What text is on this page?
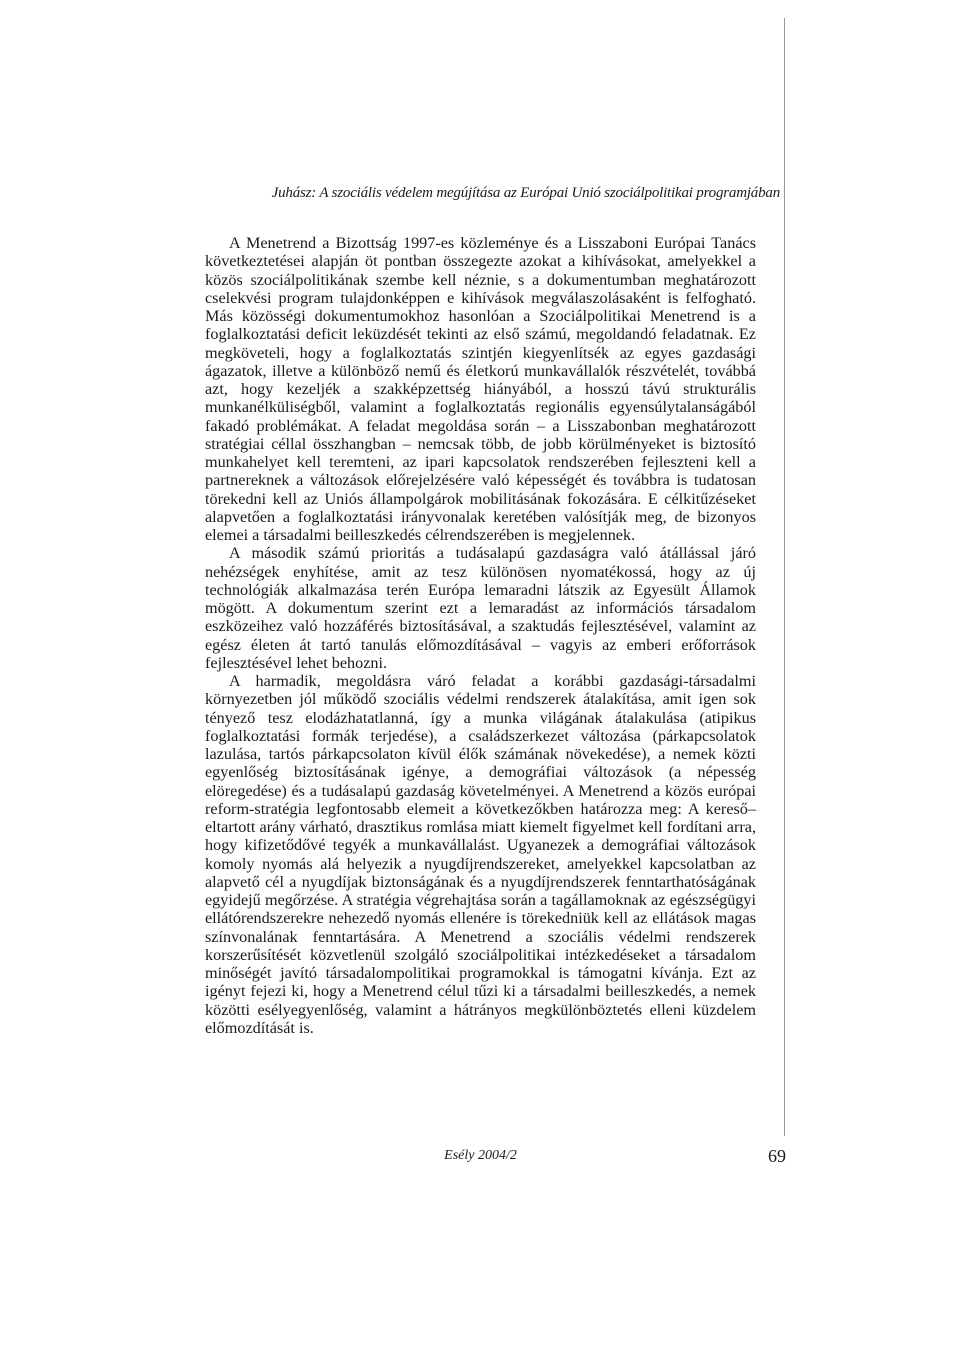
Juhász: A szociális védelem megújítása az Európai Unió szociálpolitikai programjában

A Menetrend a Bizottság 1997-es közleménye és a Lisszaboni Európai Tanács következtetései alapján öt pontban összegezte azokat a kihívásokat, amelyekkel a közös szociálpolitikának szembe kell néznie, s a dokumentumban meghatározott cselekvési program tulajdonképpen e kihívások megválaszolásaként is felfogható. Más közösségi dokumentumokhoz hasonlóan a Szociálpolitikai Menetrend is a foglalkoztatási deficit leküzdését tekinti az első számú, megoldandó feladatnak. Ez megköveteli, hogy a foglalkoztatás szintjén kiegyenlítsék az egyes gazdasági ágazatok, illetve a különböző nemű és életkorú munkavállalók részvételét, továbbá azt, hogy kezeljék a szakképzettség hiányából, a hosszú távú strukturális munkanélküliségből, valamint a foglalkoztatás regionális egyensúlytalanságából fakadó problémákat. A feladat megoldása során – a Lisszabonban meghatározott stratégiai céllal összhangban – nemcsak több, de jobb körülményeket is biztosító munkahelyet kell teremteni, az ipari kapcsolatok rendszerében fejleszteni kell a partnereknek a változások előrejelzésére való képességét és továbbra is tudatosan törekedni kell az Uniós állampolgárok mobilitásának fokozására. E célkitűzéseket alapvetően a foglalkoztatási irányvonalak keretében valósítják meg, de bizonyos elemei a társadalmi beilleszkedés célrendszerében is megjelennek.

A második számú prioritás a tudásalapú gazdaságra való átállással járó nehézségek enyhítése, amit az tesz különösen nyomatékossá, hogy az új technológiák alkalmazása terén Európa lemaradni látszik az Egyesült Államok mögött. A dokumentum szerint ezt a lemaradást az információs társadalom eszközeihez való hozzáférés biztosításával, a szaktudás fejlesztésével, valamint az egész életen át tartó tanulás előmozdításával – vagyis az emberi erőforrások fejlesztésével lehet behozni.

A harmadik, megoldásra váró feladat a korábbi gazdasági-társadalmi környezetben jól működő szociális védelmi rendszerek átalakítása, amit igen sok tényező tesz elodázhatatlanná, így a munka világának átalakulása (atipikus foglalkoztatási formák terjedése), a családszerkezet változása (párkapcsolatok lazulása, tartós párkapcsolaton kívül élők számának növekedése), a nemek közti egyenlőség biztosításának igénye, a demográfiai változások (a népesség elöregedése) és a tudásalapú gazdaság követelményei. A Menetrend a közös európai reform-stratégia legfontosabb elemeit a következőkben határozza meg: A kereső–eltartott arány várható, drasztikus romlása miatt kiemelt figyelmet kell fordítani arra, hogy kifizetődővé tegyék a munkavállalást. Ugyanezek a demográfiai változások komoly nyomás alá helyezik a nyugdíjrendszereket, amelyekkel kapcsolatban az alapvető cél a nyugdíjak biztonságának és a nyugdíjrendszerek fenntarthatóságának egyidejű megőrzése. A stratégia végrehajtása során a tagállamoknak az egészségügyi ellátórendszerekre nehezedő nyomás ellenére is törekedniük kell az ellátások magas színvonalának fenntartására. A Menetrend a szociális védelmi rendszerek korszerűsítését közvetlenül szolgáló szociálpolitikai intézkedéseket a társadalom minőségét javító társadalompolitikai programokkal is támogatni kívánja. Ezt az igényt fejezi ki, hogy a Menetrend célul tűzi ki a társadalmi beilleszkedés, a nemek közötti esélyegyenlőség, valamint a hátrányos megkülönböztetés elleni küzdelem előmozdítását is.

Esély 2004/2	69
